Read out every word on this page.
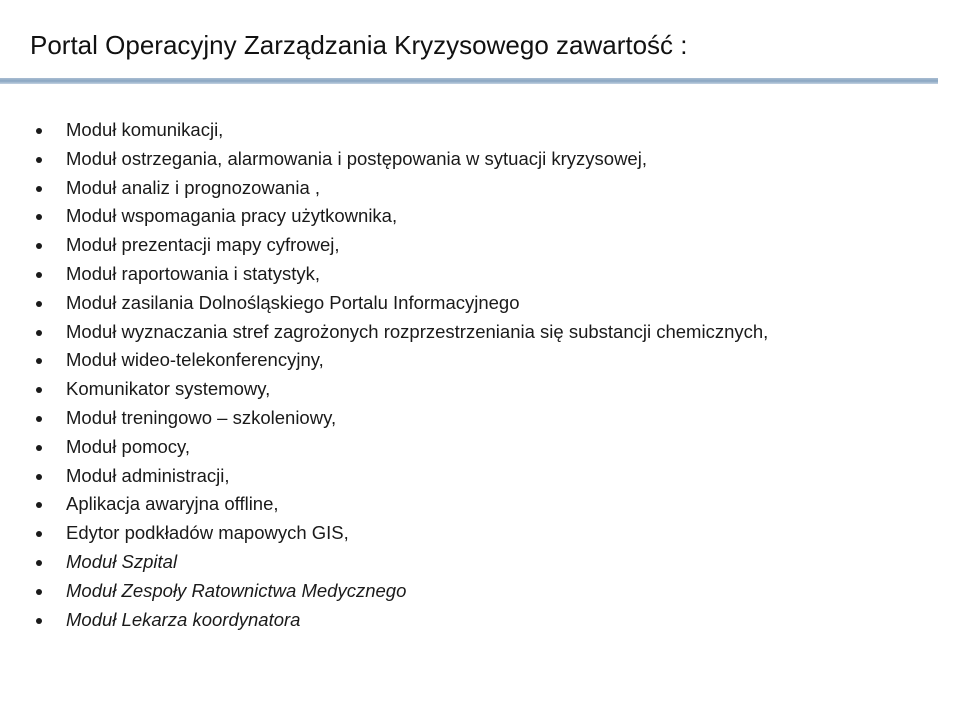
Portal Operacyjny Zarządzania Kryzysowego zawartość :
Moduł komunikacji,
Moduł ostrzegania, alarmowania i postępowania w sytuacji kryzysowej,
Moduł analiz i prognozowania ,
Moduł wspomagania pracy użytkownika,
Moduł prezentacji mapy cyfrowej,
Moduł raportowania i statystyk,
Moduł zasilania Dolnośląskiego Portalu Informacyjnego
Moduł wyznaczania stref zagrożonych rozprzestrzeniania się substancji chemicznych,
Moduł wideo-telekonferencyjny,
Komunikator systemowy,
Moduł treningowo – szkoleniowy,
Moduł pomocy,
Moduł administracji,
Aplikacja awaryjna offline,
Edytor podkładów mapowych GIS,
Moduł Szpital
Moduł Zespoły Ratownictwa Medycznego
Moduł Lekarza koordynatora
